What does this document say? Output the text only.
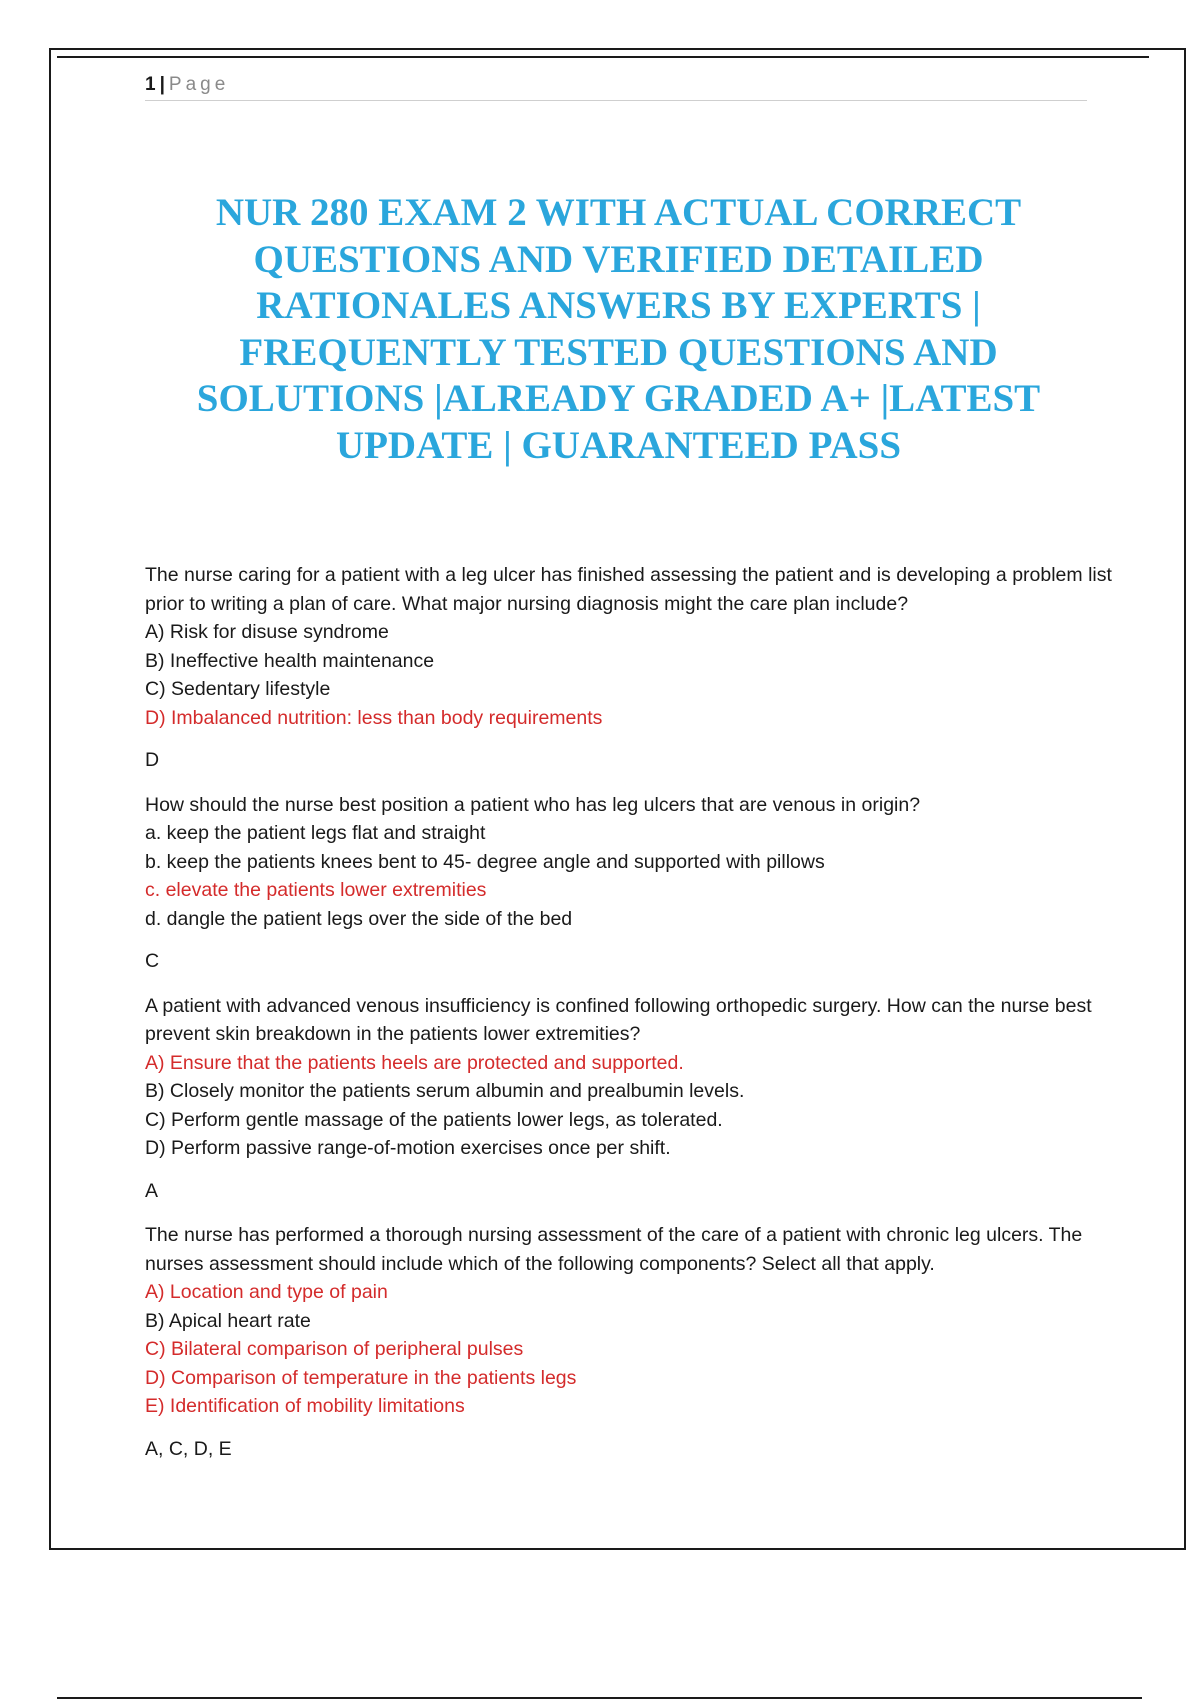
1 | Page
NUR 280 EXAM 2 WITH ACTUAL CORRECT QUESTIONS AND VERIFIED DETAILED RATIONALES ANSWERS BY EXPERTS | FREQUENTLY TESTED QUESTIONS AND SOLUTIONS |ALREADY GRADED A+ |LATEST UPDATE | GUARANTEED PASS

The nurse caring for a patient with a leg ulcer has finished assessing the patient and is developing a problem list prior to writing a plan of care. What major nursing diagnosis might the care plan include?

A) Risk for disuse syndrome

B) Ineffective health maintenance

C) Sedentary lifestyle

D) Imbalanced nutrition: less than body requirements

D

How should the nurse best position a patient who has leg ulcers that are venous in origin?

a. keep the patient legs flat and straight

b. keep the patients knees bent to 45- degree angle and supported with pillows

c. elevate the patients lower extremities

d. dangle the patient legs over the side of the bed

C

A patient with advanced venous insufficiency is confined following orthopedic surgery. How can the nurse best prevent skin breakdown in the patients lower extremities?

A) Ensure that the patients heels are protected and supported.

B) Closely monitor the patients serum albumin and prealbumin levels.

C) Perform gentle massage of the patients lower legs, as tolerated.

D) Perform passive range-of-motion exercises once per shift.

A

The nurse has performed a thorough nursing assessment of the care of a patient with chronic leg ulcers. The nurses assessment should include which of the following components? Select all that apply.

A) Location and type of pain

B) Apical heart rate

C) Bilateral comparison of peripheral pulses

D) Comparison of temperature in the patients legs

E) Identification of mobility limitations

A, C, D, E
